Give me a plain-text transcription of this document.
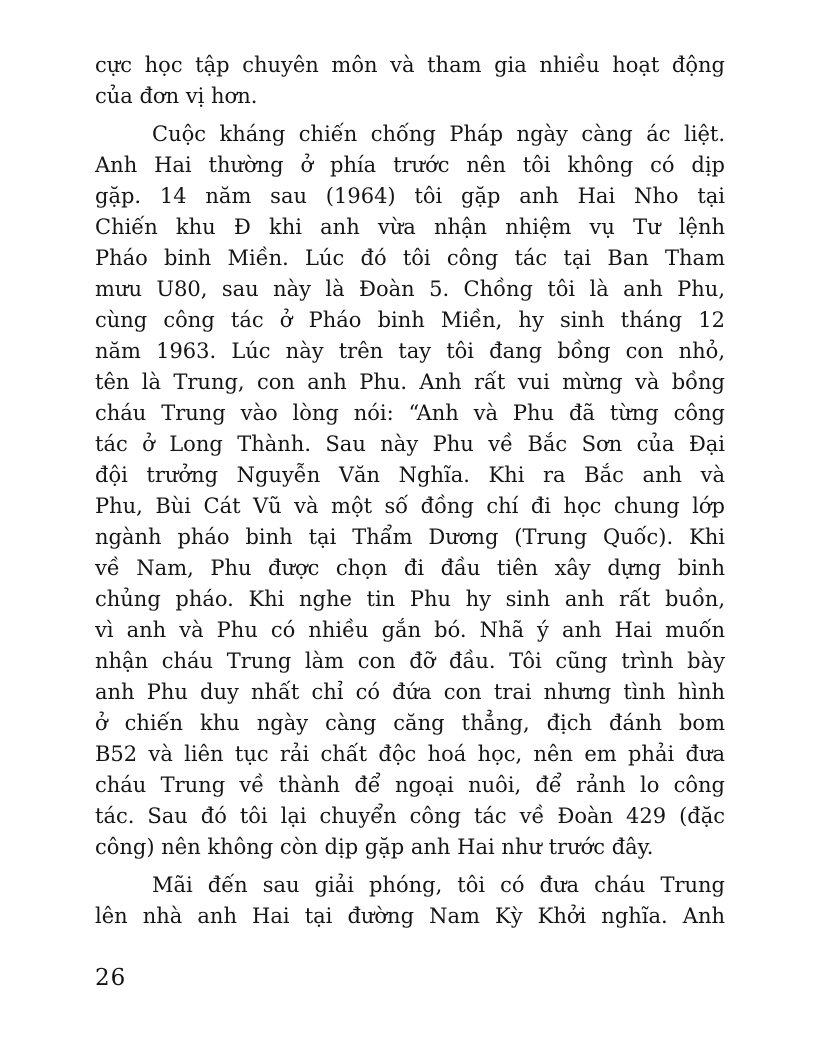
cực học tập chuyên môn và tham gia nhiều hoạt động
của đơn vị hơn.
Cuộc kháng chiến chống Pháp ngày càng ác liệt.
Anh Hai thường ở phía trước nên tôi không có dịp
gặp. 14 năm sau (1964) tôi gặp anh Hai Nho tại
Chiến khu Đ khi anh vừa nhận nhiệm vụ Tư lệnh
Pháo binh Miền. Lúc đó tôi công tác tại Ban Tham
mưu U80, sau này là Đoàn 5. Chồng tôi là anh Phu,
cùng công tác ở Pháo binh Miền, hy sinh tháng 12
năm 1963. Lúc này trên tay tôi đang bồng con nhỏ,
tên là Trung, con anh Phu. Anh rất vui mừng và bồng
cháu Trung vào lòng nói: “Anh và Phu đã từng công
tác ở Long Thành. Sau này Phu về Bắc Sơn của Đại
đội trưởng Nguyễn Văn Nghĩa. Khi ra Bắc anh và
Phu, Bùi Cát Vũ và một số đồng chí đi học chung lớp
ngành pháo binh tại Thẩm Dương (Trung Quốc). Khi
về Nam, Phu được chọn đi đầu tiên xây dựng binh
chủng pháo. Khi nghe tin Phu hy sinh anh rất buồn,
vì anh và Phu có nhiều gắn bó. Nhã ý anh Hai muốn
nhận cháu Trung làm con đỡ đầu. Tôi cũng trình bày
anh Phu duy nhất chỉ có đứa con trai nhưng tình hình
ở chiến khu ngày càng căng thẳng, địch đánh bom
B52 và liên tục rải chất độc hoá học, nên em phải đưa
cháu Trung về thành để ngoại nuôi, để rảnh lo công
tác. Sau đó tôi lại chuyển công tác về Đoàn 429 (đặc
công) nên không còn dịp gặp anh Hai như trước đây.
Mãi đến sau giải phóng, tôi có đưa cháu Trung
lên nhà anh Hai tại đường Nam Kỳ Khởi nghĩa. Anh
26
